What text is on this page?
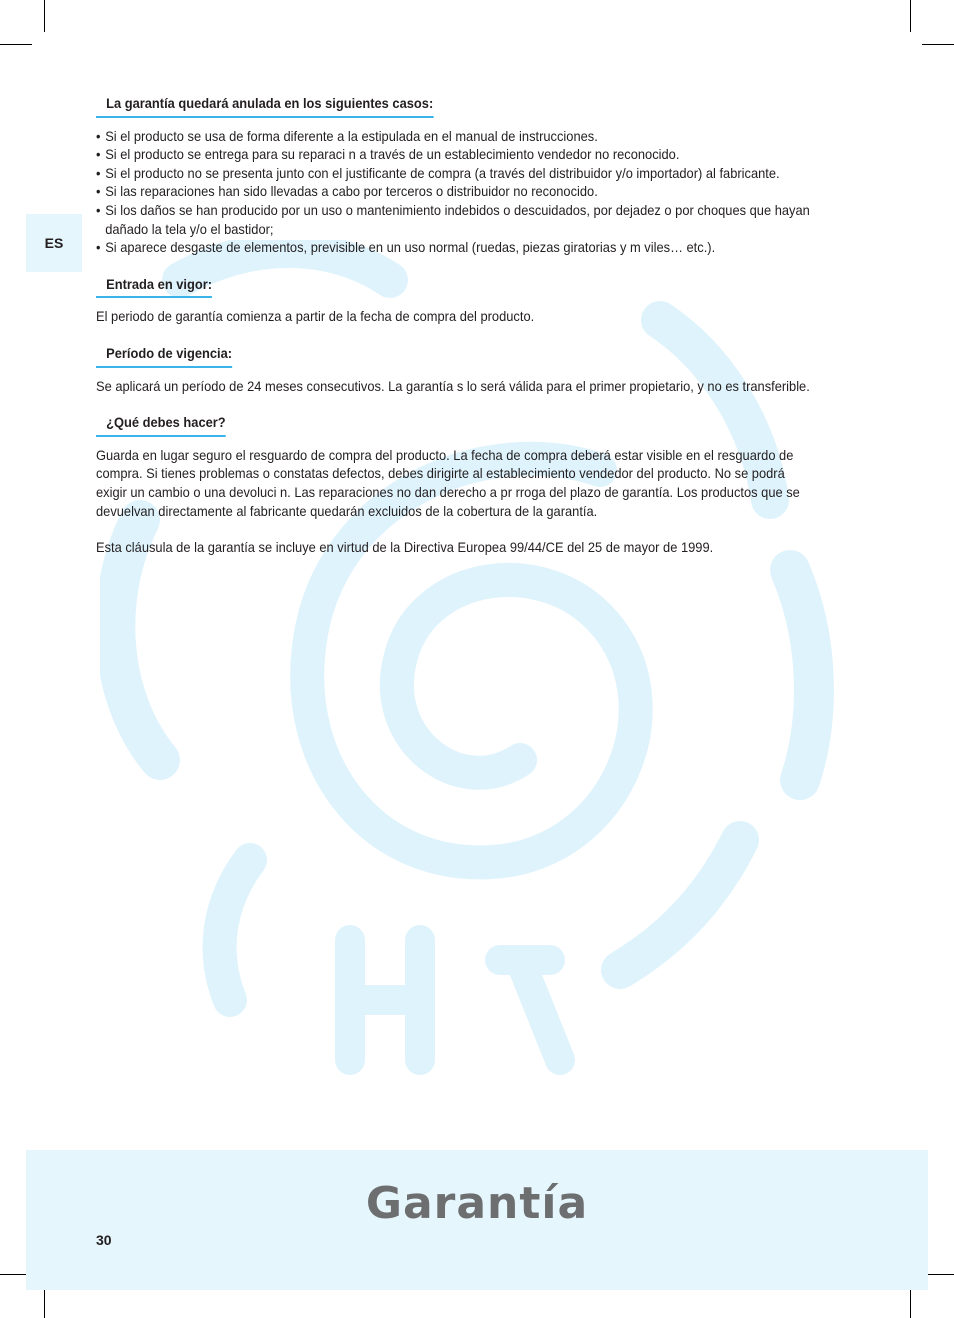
ES
La garantía quedará anulada en los siguientes casos:
• Si el producto se usa de forma diferente a la estipulada en el manual de instrucciones.
• Si el producto se entrega para su reparaci n a través de un establecimiento vendedor no reconocido.
• Si el producto no se presenta junto con el justificante de compra (a través del distribuidor y/o importador) al fabricante.
• Si las reparaciones han sido llevadas a cabo por terceros o distribuidor no reconocido.
• Si los daños se han producido por un uso o mantenimiento indebidos o descuidados, por dejadez o por choques que hayan dañado la tela y/o el bastidor;
• Si aparece desgaste de elementos, previsible en un uso normal (ruedas, piezas giratorias y m viles… etc.).
Entrada en vigor:

El periodo de garantía comienza a partir de la fecha de compra del producto.

Período de vigencia:

Se aplicará un período de 24 meses consecutivos. La garantía s lo será válida para el primer propietario, y no es transferible.

¿Qué debes hacer?

Guarda en lugar seguro el resguardo de compra del producto. La fecha de compra deberá estar visible en el resguardo de compra. Si tienes problemas o constatas defectos, debes dirigirte al establecimiento vendedor del producto. No se podrá exigir un cambio o una devoluci n. Las reparaciones no dan derecho a pr rroga del plazo de garantía. Los productos que se devuelvan directamente al fabricante quedarán excluidos de la cobertura de la garantía.

Esta cláusula de la garantía se incluye en virtud de la Directiva Europea 99/44/CE del 25 de mayor de 1999.

Garantía
30
